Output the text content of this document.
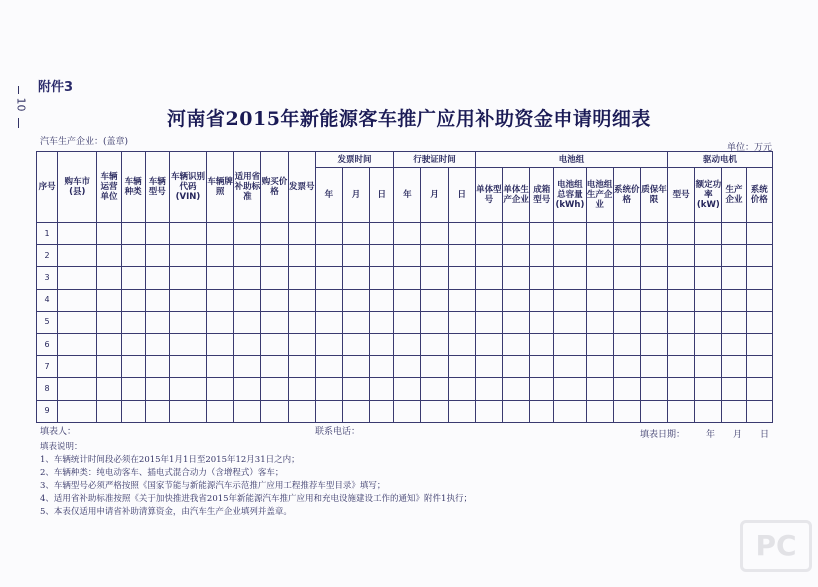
附件3
10
河南省2015年新能源客车推广应用补助资金申请明细表
汽车生产企业：(盖章)
单位：万元
序号	购车市(县)	车辆运营单位	车辆种类	车辆型号	车辆识别代码(VIN)	车辆牌照	适用省补助标准	购买价格	发票号	发票时间			行驶证时间			电池组							驱动电机			
										年	月	日	年	月	日	单体型号	单体生产企业	成箱型号	电池组总容量(kWh)	电池组生产企业	系统价格	质保年限	型号	额定功率(kW)	生产企业	系统价格

1																										
2																										
3																										
4																										
5																										
6																										
7																										
8																										
9																										
填表人：	联系电话：	填表日期： 年 月 日
填表说明：
1、车辆统计时间段必须在2015年1月1日至2015年12月31日之内；
2、车辆种类：纯电动客车、插电式混合动力（含增程式）客车；
3、车辆型号必须严格按照《国家节能与新能源汽车示范推广应用工程推荐车型目录》填写；
4、适用省补助标准按照《关于加快推进我省2015年新能源汽车推广应用和充电设施建设工作的通知》附件1执行；
5、本表仅适用申请省补助清算资金，由汽车生产企业填列并盖章。
PC
